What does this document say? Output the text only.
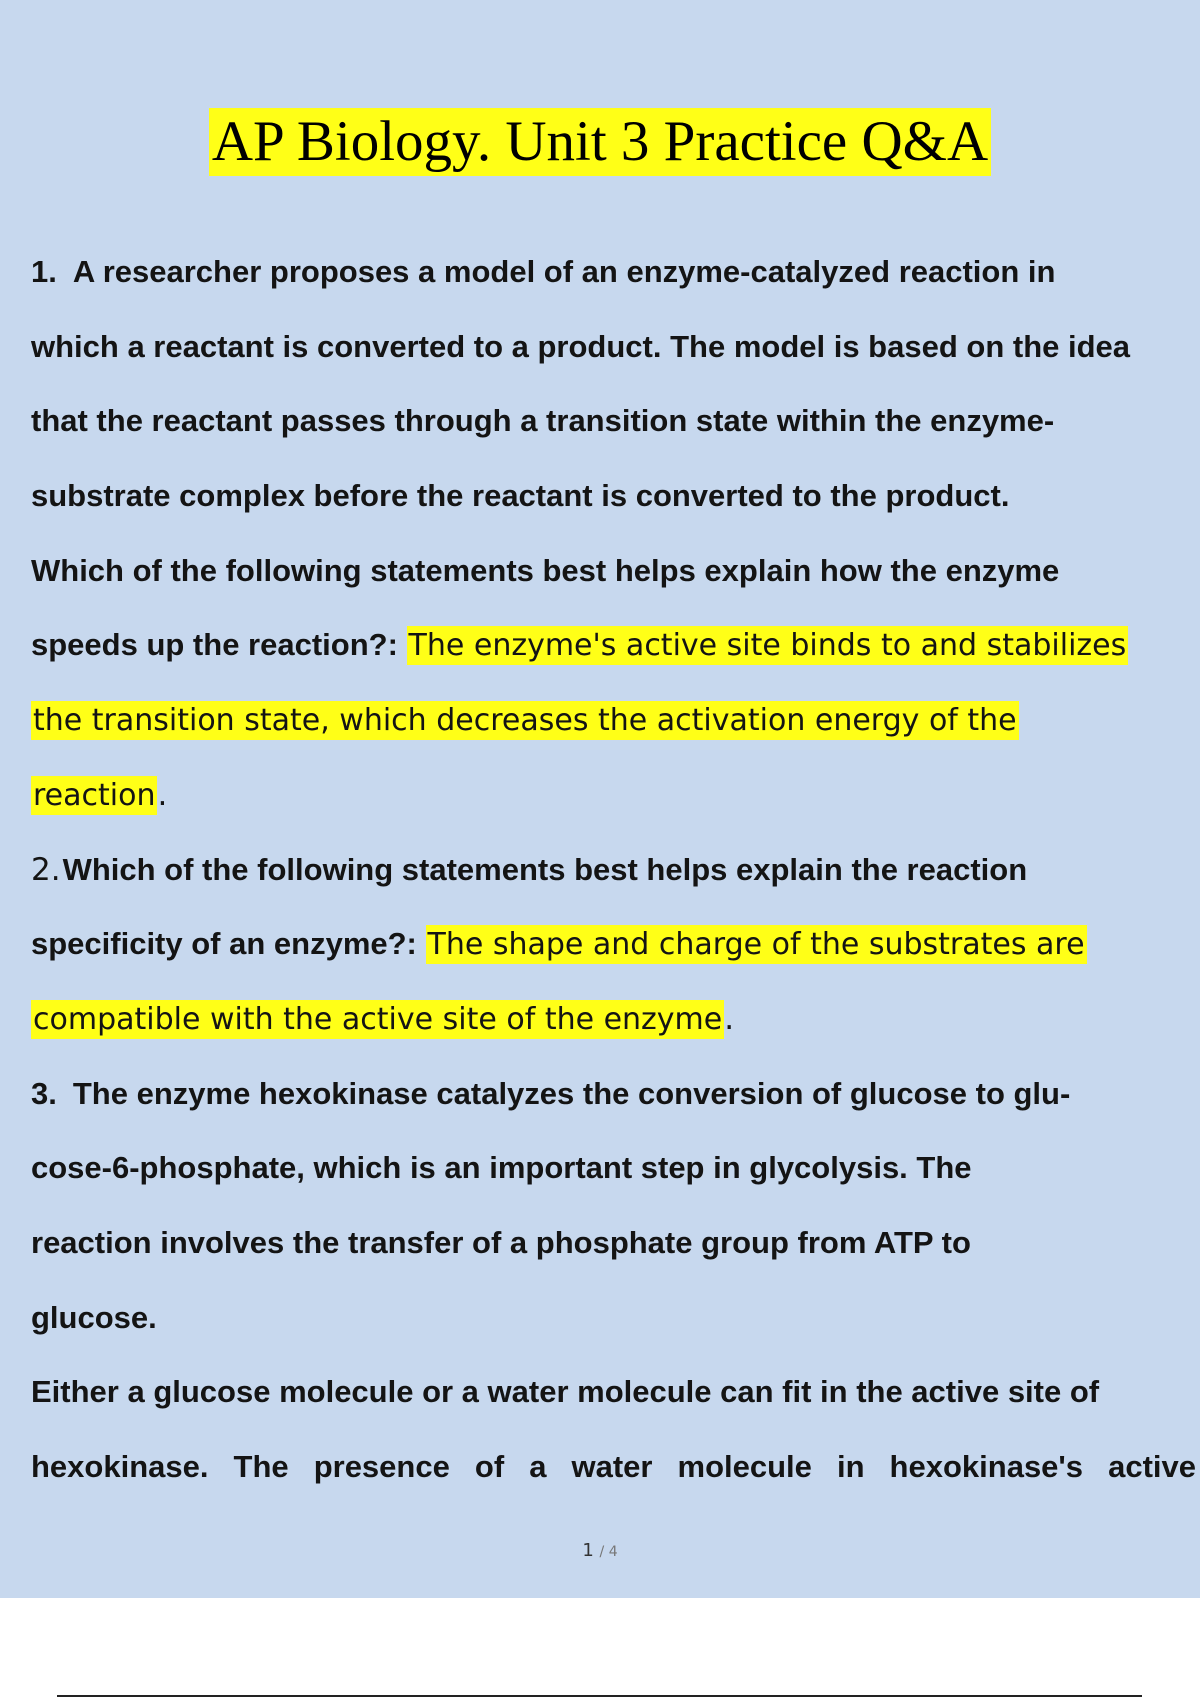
AP Biology. Unit 3 Practice Q&A
1. A researcher proposes a model of an enzyme-catalyzed reaction in
which a reactant is converted to a product. The model is based on the idea
that the reactant passes through a transition state within the enzyme-
substrate complex before the reactant is converted to the product.
Which of the following statements best helps explain how the enzyme
speeds up the reaction?: The enzyme's active site binds to and stabilizes
the transition state, which decreases the activation energy of the
reaction.
2.Which of the following statements best helps explain the reaction
specificity of an enzyme?: The shape and charge of the substrates are
compatible with the active site of the enzyme.
3. The enzyme hexokinase catalyzes the conversion of glucose to glu-
cose-6-phosphate, which is an important step in glycolysis. The
reaction involves the transfer of a phosphate group from ATP to
glucose.
Either a glucose molecule or a water molecule can fit in the active site of
hexokinase. The presence of a water molecule in hexokinase's active
1 / 4
